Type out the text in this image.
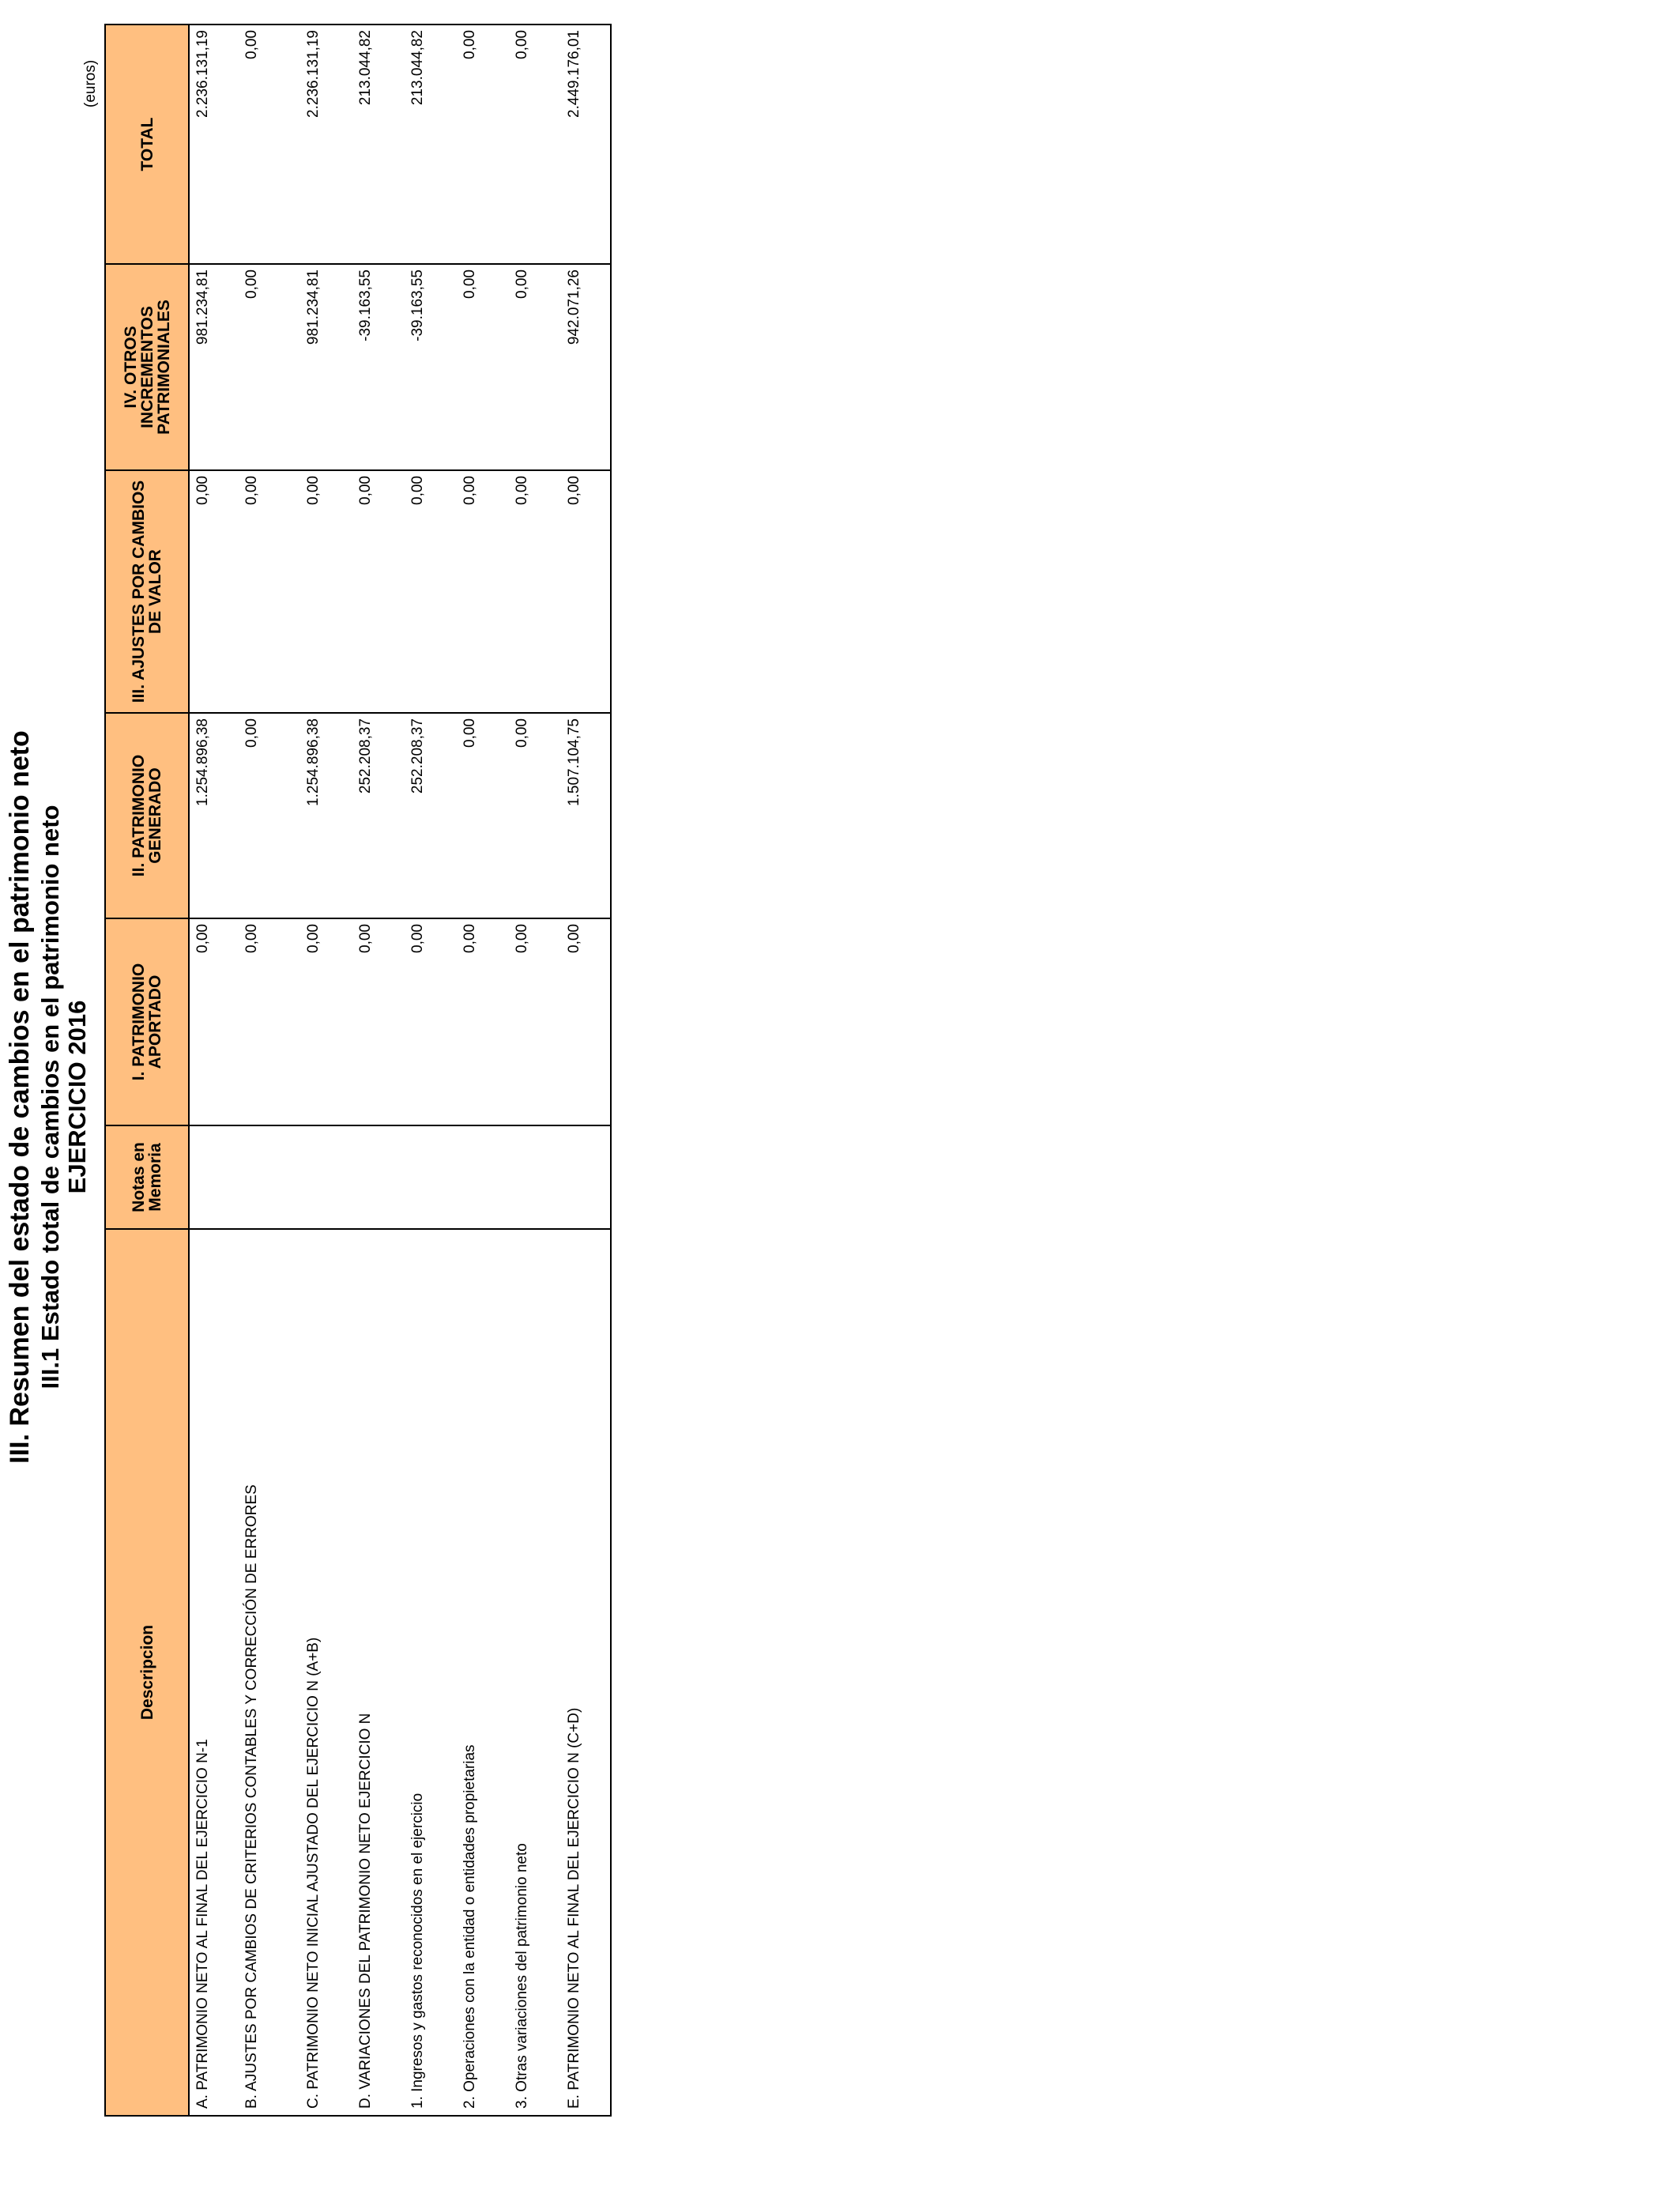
III. Resumen del estado de cambios en el patrimonio neto III.1 Estado total de cambios en el patrimonio neto EJERCICIO 2016
(euros)
Descripcion	Notas en Memoria	I. PATRIMONIO APORTADO	II. PATRIMONIO GENERADO	III. AJUSTES POR CAMBIOS DE VALOR	IV. OTROS INCREMENTOS PATRIMONIALES	TOTAL
A. PATRIMONIO NETO AL FINAL DEL EJERCICIO N-1		0,00	1.254.896,38	0,00	981.234,81	2.236.131,19
B. AJUSTES POR CAMBIOS DE CRITERIOS CONTABLES Y CORRECCIÓN DE ERRORES		0,00	0,00	0,00	0,00	0,00
C. PATRIMONIO NETO INICIAL AJUSTADO DEL EJERCICIO N (A+B)		0,00	1.254.896,38	0,00	981.234,81	2.236.131,19
D. VARIACIONES DEL PATRIMONIO NETO EJERCICIO N		0,00	252.208,37	0,00	-39.163,55	213.044,82
1. Ingresos y gastos reconocidos en el ejercicio		0,00	252.208,37	0,00	-39.163,55	213.044,82
2. Operaciones con la entidad o entidades propietarias		0,00	0,00	0,00	0,00	0,00
3. Otras variaciones del patrimonio neto		0,00	0,00	0,00	0,00	0,00
E. PATRIMONIO NETO AL FINAL DEL EJERCICIO N (C+D)		0,00	1.507.104,75	0,00	942.071,26	2.449.176,01
